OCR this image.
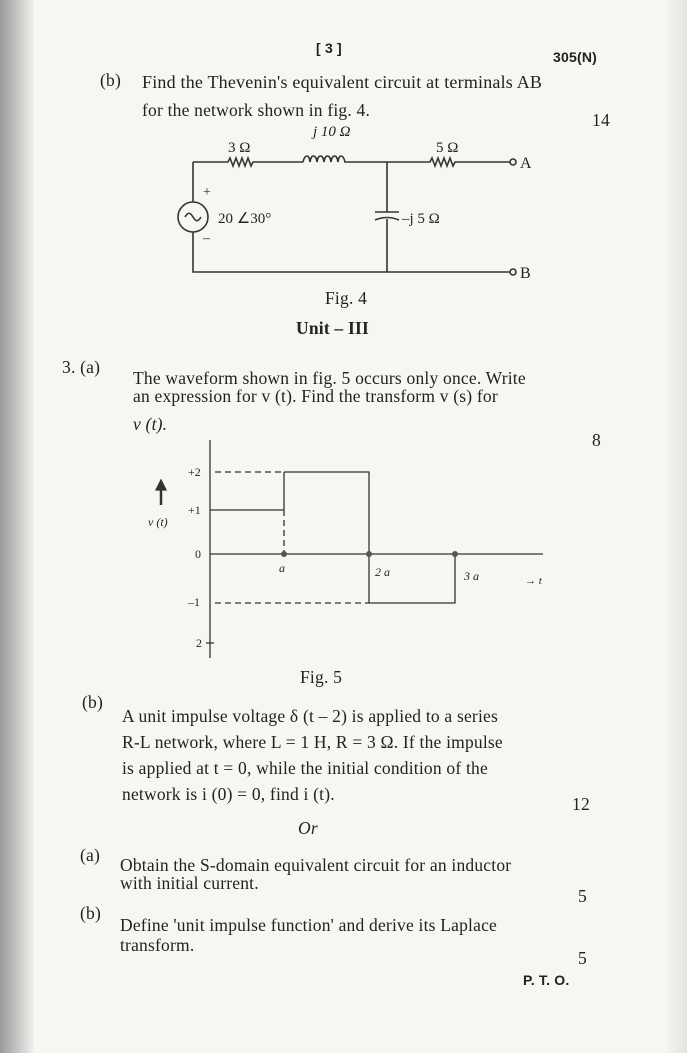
[ 3 ]
305(N)
(b) Find the Thevenin's equivalent circuit at terminals AB
for the network shown in fig. 4.	14
3 Ω
j 10 Ω
5 Ω
+
–
20 ∠30°	–j 5 Ω
A
B
Fig. 4
Unit – III
3. (a)
The waveform shown in fig. 5 occurs only once. Write
an expression for v (t). Find the transform v (s) for
v (t).
8
v (t)
+2
+1
0
–1
2
a	2 a	3 a	→ t
Fig. 5
(b)
A unit impulse voltage δ (t – 2) is applied to a series
R-L network, where L = 1 H, R = 3 Ω. If the impulse
is applied at t = 0, while the initial condition of the
network is i (0) = 0, find i (t).	12
Or
(a) Obtain the S-domain equivalent circuit for an inductor
with initial current.
5
(b)
Define 'unit impulse function' and derive its Laplace
transform.
5
P. T. O.
